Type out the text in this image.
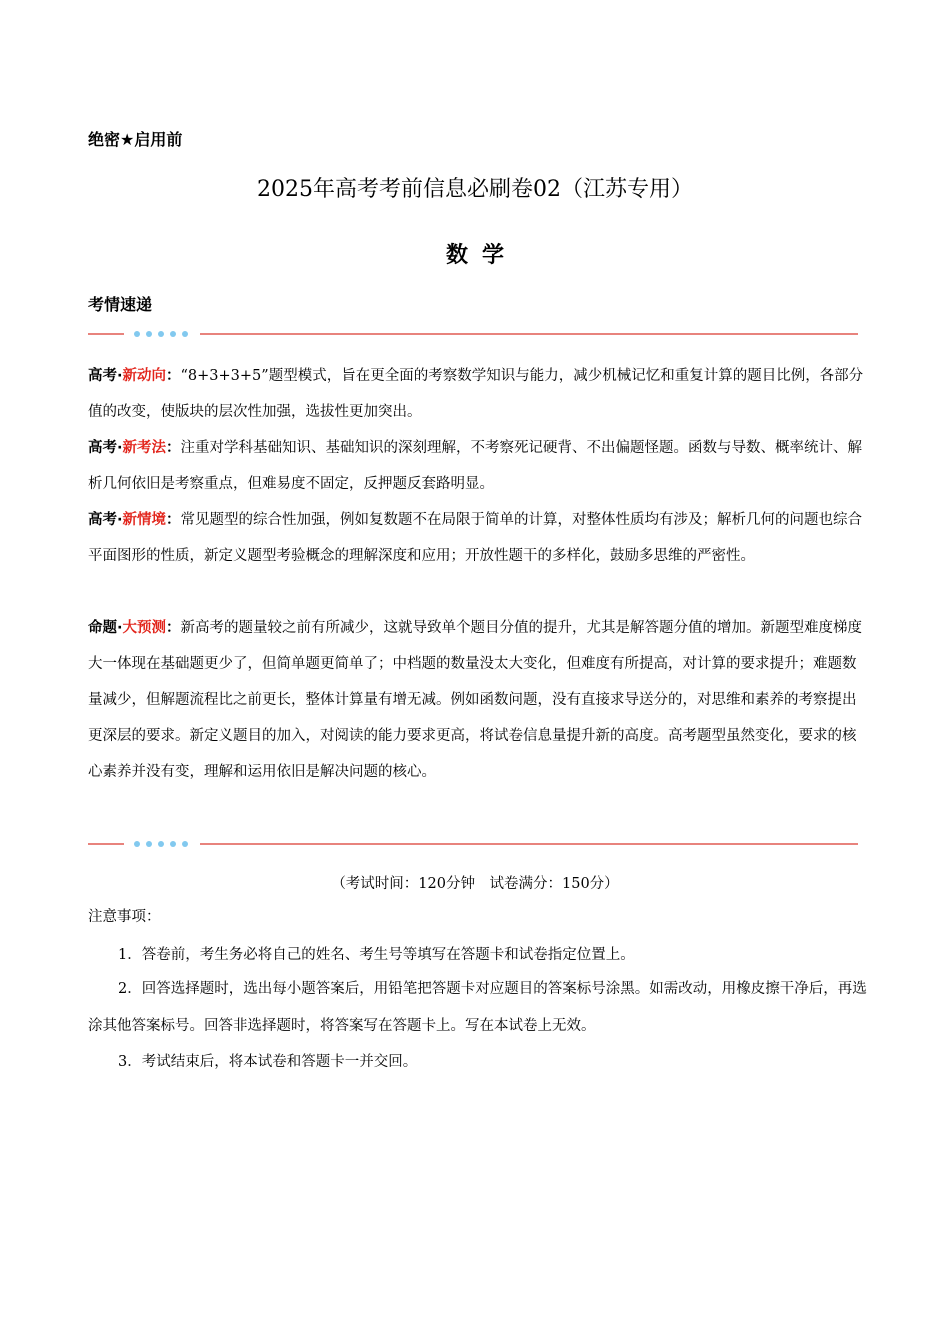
绝密★启用前
2025年高考考前信息必刷卷02（江苏专用）
数学
考情速递
高考·新动向：“8+3+3+5”题型模式，旨在更全面的考察数学知识与能力，减少机械记忆和重复计算的题目比例，各部分值的改变，使版块的层次性加强，选拔性更加突出。
高考·新考法：注重对学科基础知识、基础知识的深刻理解，不考察死记硬背、不出偏题怪题。函数与导数、概率统计、解析几何依旧是考察重点，但难易度不固定，反押题反套路明显。
高考·新情境：常见题型的综合性加强，例如复数题不在局限于简单的计算，对整体性质均有涉及；解析几何的问题也综合平面图形的性质，新定义题型考验概念的理解深度和应用；开放性题干的多样化，鼓励多思维的严密性。
命题·大预测：新高考的题量较之前有所减少，这就导致单个题目分值的提升，尤其是解答题分值的增加。新题型难度梯度大一体现在基础题更少了，但简单题更简单了；中档题的数量没太大变化，但难度有所提高，对计算的要求提升；难题数量减少，但解题流程比之前更长，整体计算量有增无减。例如函数问题，没有直接求导送分的，对思维和素养的考察提出更深层的要求。新定义题目的加入，对阅读的能力要求更高，将试卷信息量提升新的高度。高考题型虽然变化，要求的核心素养并没有变，理解和运用依旧是解决问题的核心。
（考试时间：120分钟　试卷满分：150分）
注意事项：
1．答卷前，考生务必将自己的姓名、考生号等填写在答题卡和试卷指定位置上。
2．回答选择题时，选出每小题答案后，用铅笔把答题卡对应题目的答案标号涂黑。如需改动，用橡皮擦干净后，再选涂其他答案标号。回答非选择题时，将答案写在答题卡上。写在本试卷上无效。
3．考试结束后，将本试卷和答题卡一并交回。
